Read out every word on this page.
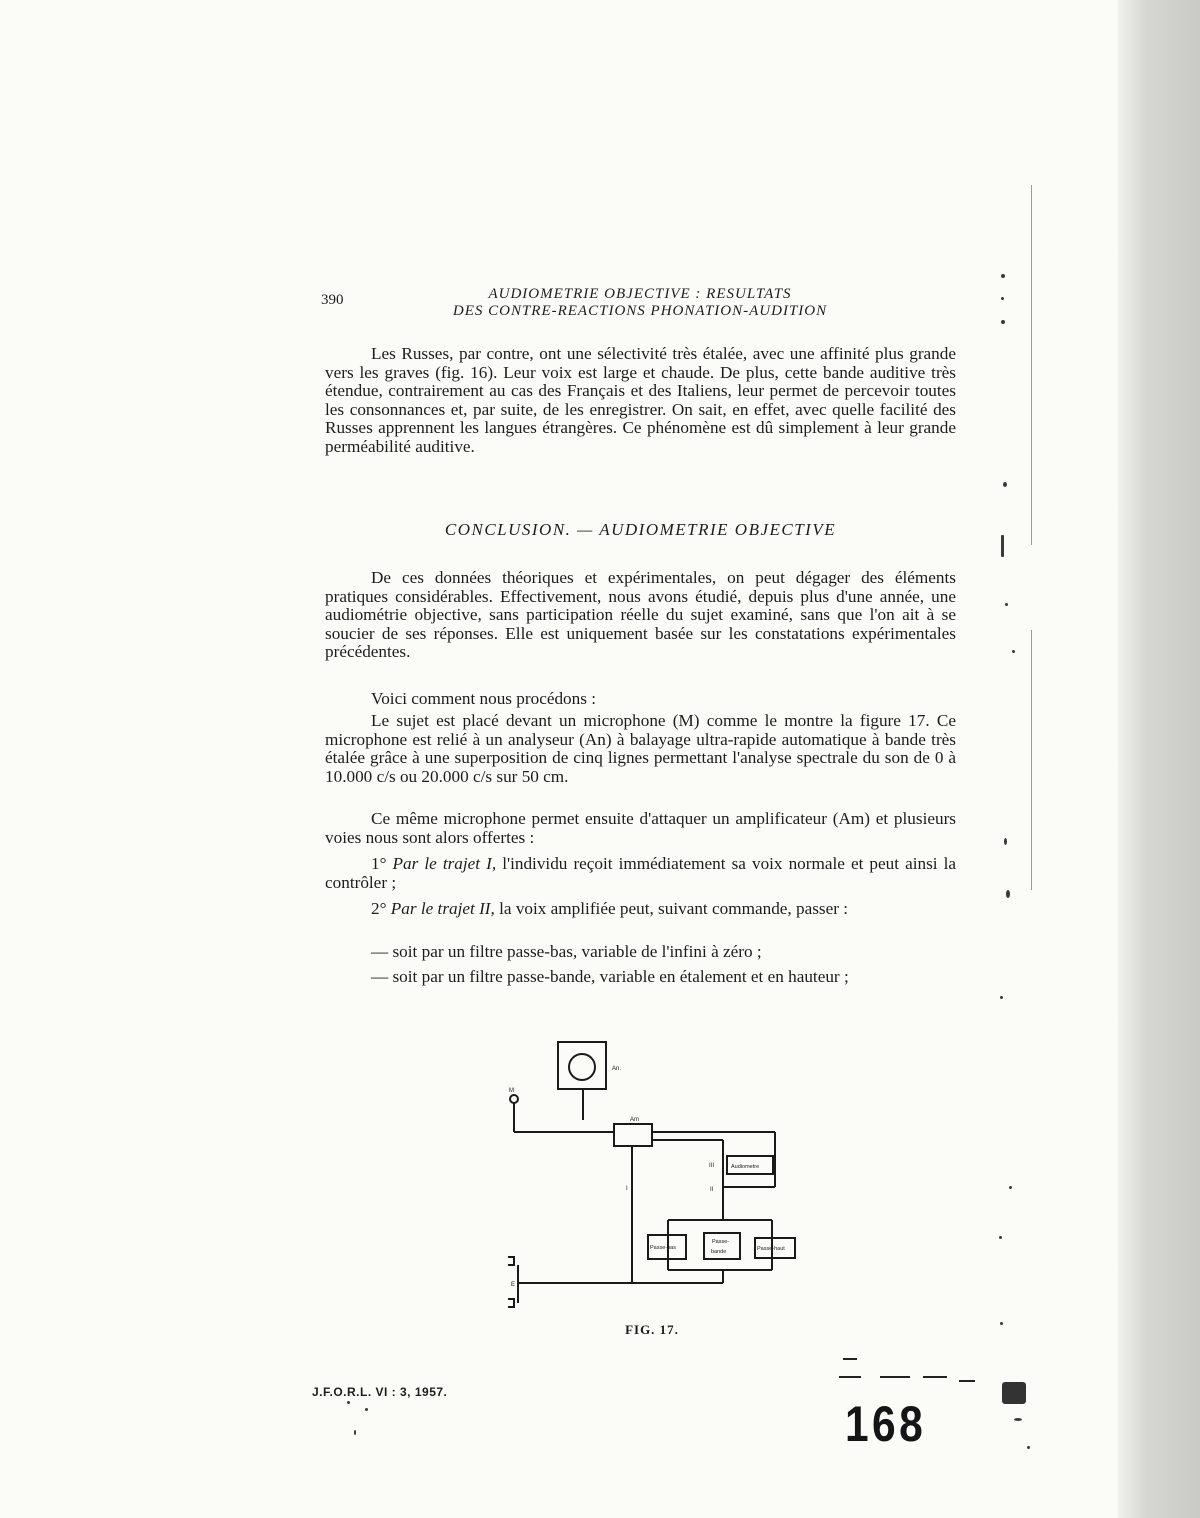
390	AUDIOMETRIE OBJECTIVE : RESULTATS
DES CONTRE-REACTIONS PHONATION-AUDITION

Les Russes, par contre, ont une sélectivité très étalée, avec une affinité plus grande vers les graves (fig. 16). Leur voix est large et chaude. De plus, cette bande auditive très étendue, contrairement au cas des Français et des Italiens, leur permet de percevoir toutes les consonnances et, par suite, de les enregistrer. On sait, en effet, avec quelle facilité des Russes apprennent les langues étrangères. Ce phénomène est dû simplement à leur grande perméabilité auditive.

CONCLUSION. — AUDIOMETRIE OBJECTIVE

De ces données théoriques et expérimentales, on peut dégager des éléments pratiques considérables. Effectivement, nous avons étudié, depuis plus d'une année, une audiométrie objective, sans participation réelle du sujet examiné, sans que l'on ait à se soucier de ses réponses. Elle est uniquement basée sur les constatations expérimentales précédentes.

Voici comment nous procédons :

Le sujet est placé devant un microphone (M) comme le montre la figure 17. Ce microphone est relié à un analyseur (An) à balayage ultra-rapide automatique à bande très étalée grâce à une superposition de cinq lignes permettant l'analyse spectrale du son de 0 à 10.000 c/s ou 20.000 c/s sur 50 cm.

Ce même microphone permet ensuite d'attaquer un amplificateur (Am) et plusieurs voies nous sont alors offertes :

1° Par le trajet I, l'individu reçoit immédiatement sa voix normale et peut ainsi la contrôler ;

2° Par le trajet II, la voix amplifiée peut, suivant commande, passer :

— soit par un filtre passe-bas, variable de l'infini à zéro ;

— soit par un filtre passe-bande, variable en étalement et en hauteur ;

An.
Am
M
I	II
III	Audiometre
Passe-bas
Passe-
bande	Passe-haut
E
FIG. 17.
J.F.O.R.L. VI : 3, 1957.
168
